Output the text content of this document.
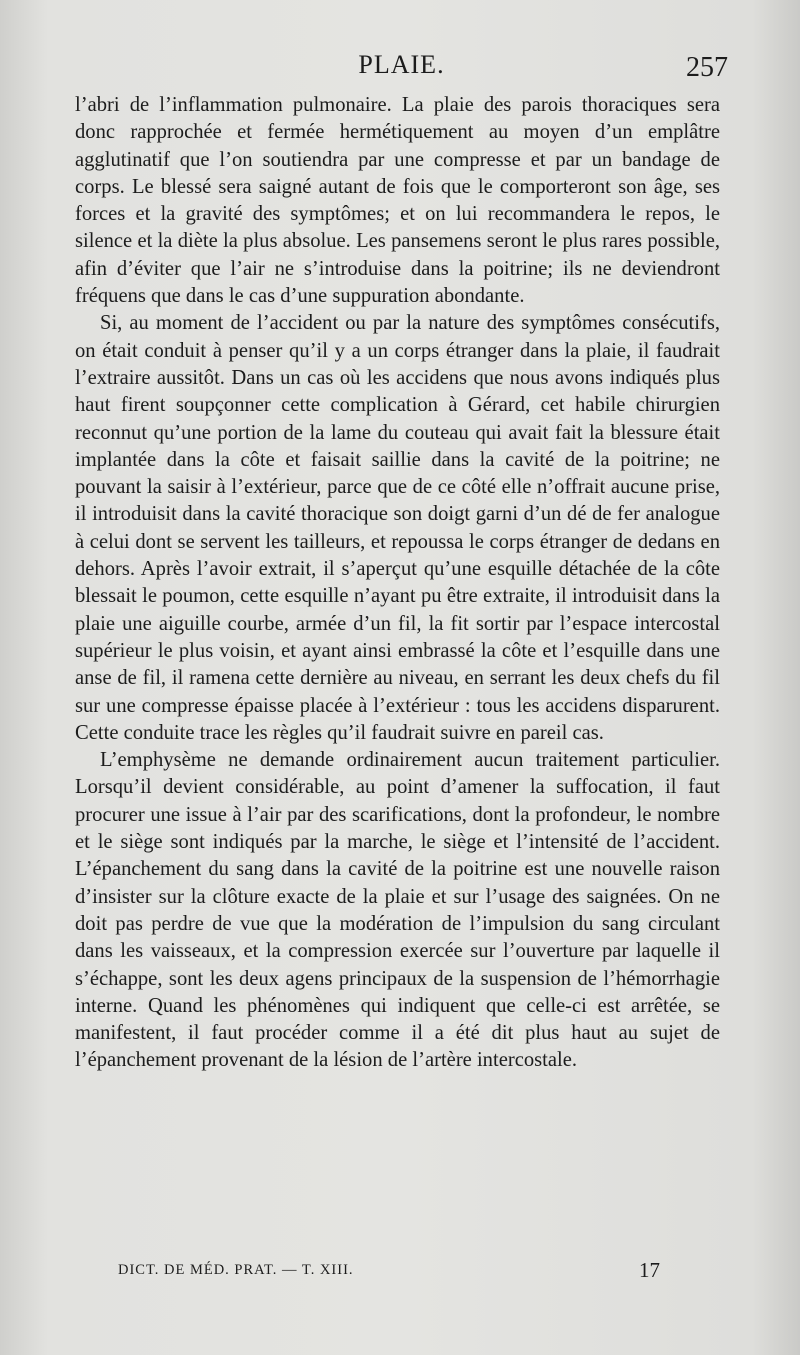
PLAIE.	257

l’abri de l’inflammation pulmonaire. La plaie des parois thoraciques sera donc rapprochée et fermée hermétiquement au moyen d’un emplâtre agglutinatif que l’on soutiendra par une compresse et par un bandage de corps. Le blessé sera saigné autant de fois que le comporteront son âge, ses forces et la gravité des symptômes; et on lui recommandera le repos, le silence et la diète la plus absolue. Les pansemens seront le plus rares possible, afin d’éviter que l’air ne s’introduise dans la poitrine; ils ne deviendront fréquens que dans le cas d’une suppuration abondante.

Si, au moment de l’accident ou par la nature des symptômes consécutifs, on était conduit à penser qu’il y a un corps étranger dans la plaie, il faudrait l’extraire aussitôt. Dans un cas où les accidens que nous avons indiqués plus haut firent soupçonner cette complication à Gérard, cet habile chirurgien reconnut qu’une portion de la lame du couteau qui avait fait la blessure était implantée dans la côte et faisait saillie dans la cavité de la poitrine; ne pouvant la saisir à l’extérieur, parce que de ce côté elle n’offrait aucune prise, il introduisit dans la cavité thoracique son doigt garni d’un dé de fer analogue à celui dont se servent les tailleurs, et repoussa le corps étranger de dedans en dehors. Après l’avoir extrait, il s’aperçut qu’une esquille détachée de la côte blessait le poumon, cette esquille n’ayant pu être extraite, il introduisit dans la plaie une aiguille courbe, armée d’un fil, la fit sortir par l’espace intercostal supérieur le plus voisin, et ayant ainsi embrassé la côte et l’esquille dans une anse de fil, il ramena cette dernière au niveau, en serrant les deux chefs du fil sur une compresse épaisse placée à l’extérieur : tous les accidens disparurent. Cette conduite trace les règles qu’il faudrait suivre en pareil cas.

L’emphysème ne demande ordinairement aucun traitement particulier. Lorsqu’il devient considérable, au point d’amener la suffocation, il faut procurer une issue à l’air par des scarifications, dont la profondeur, le nombre et le siège sont indiqués par la marche, le siège et l’intensité de l’accident. L’épanchement du sang dans la cavité de la poitrine est une nouvelle raison d’insister sur la clôture exacte de la plaie et sur l’usage des saignées. On ne doit pas perdre de vue que la modération de l’impulsion du sang circulant dans les vaisseaux, et la compression exercée sur l’ouverture par laquelle il s’échappe, sont les deux agens principaux de la suspension de l’hémorrhagie interne. Quand les phénomènes qui indiquent que celle-ci est arrêtée, se manifestent, il faut procéder comme il a été dit plus haut au sujet de l’épanchement provenant de la lésion de l’artère intercostale.

DICT. DE MÉD. PRAT. — T. XIII.	17
